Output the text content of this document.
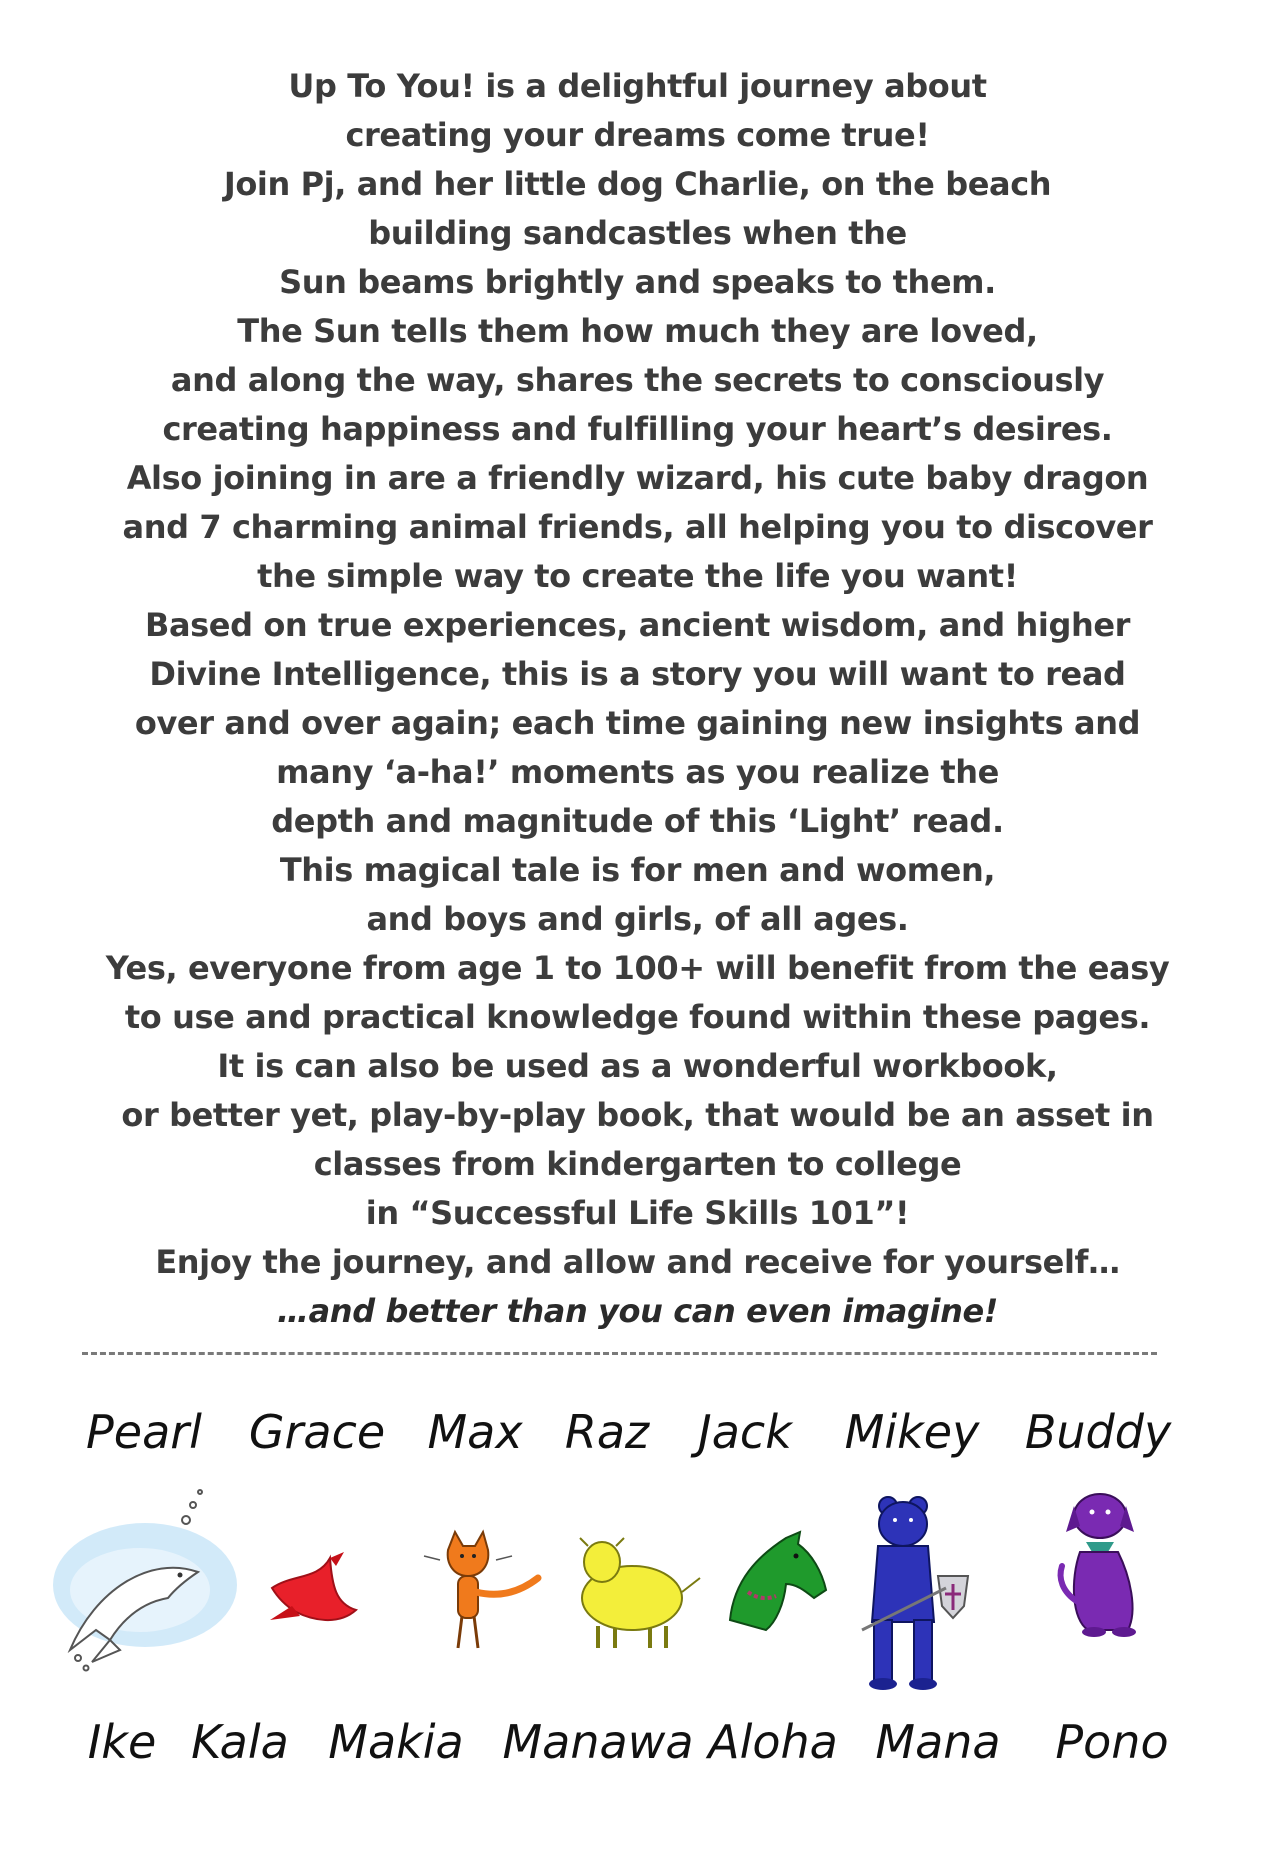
Up To You! is a delightful journey about
creating your dreams come true!
Join Pj, and her little dog Charlie, on the beach
building sandcastles when the
Sun beams brightly and speaks to them.
The Sun tells them how much they are loved,
and along the way, shares the secrets to consciously
creating happiness and fulfilling your heart’s desires.
Also joining in are a friendly wizard, his cute baby dragon
and 7 charming animal friends, all helping you to discover
the simple way to create the life you want!
Based on true experiences, ancient wisdom, and higher
Divine Intelligence, this is a story you will want to read
over and over again; each time gaining new insights and
many ‘a-ha!’ moments as you realize the
depth and magnitude of this ‘Light’ read.
This magical tale is for men and women,
and boys and girls, of all ages.
Yes, everyone from age 1 to 100+ will benefit from the easy
to use and practical knowledge found within these pages.
It is can also be used as a wonderful workbook,
or better yet, play-by-play book, that would be an asset in
classes from kindergarten to college
in “Successful Life Skills 101”!
Enjoy the journey, and allow and receive for yourself…
…and better than you can even imagine!
Pearl Grace Max Raz Jack Mikey Buddy
Ike Kala Makia Manawa Aloha Mana Pono
